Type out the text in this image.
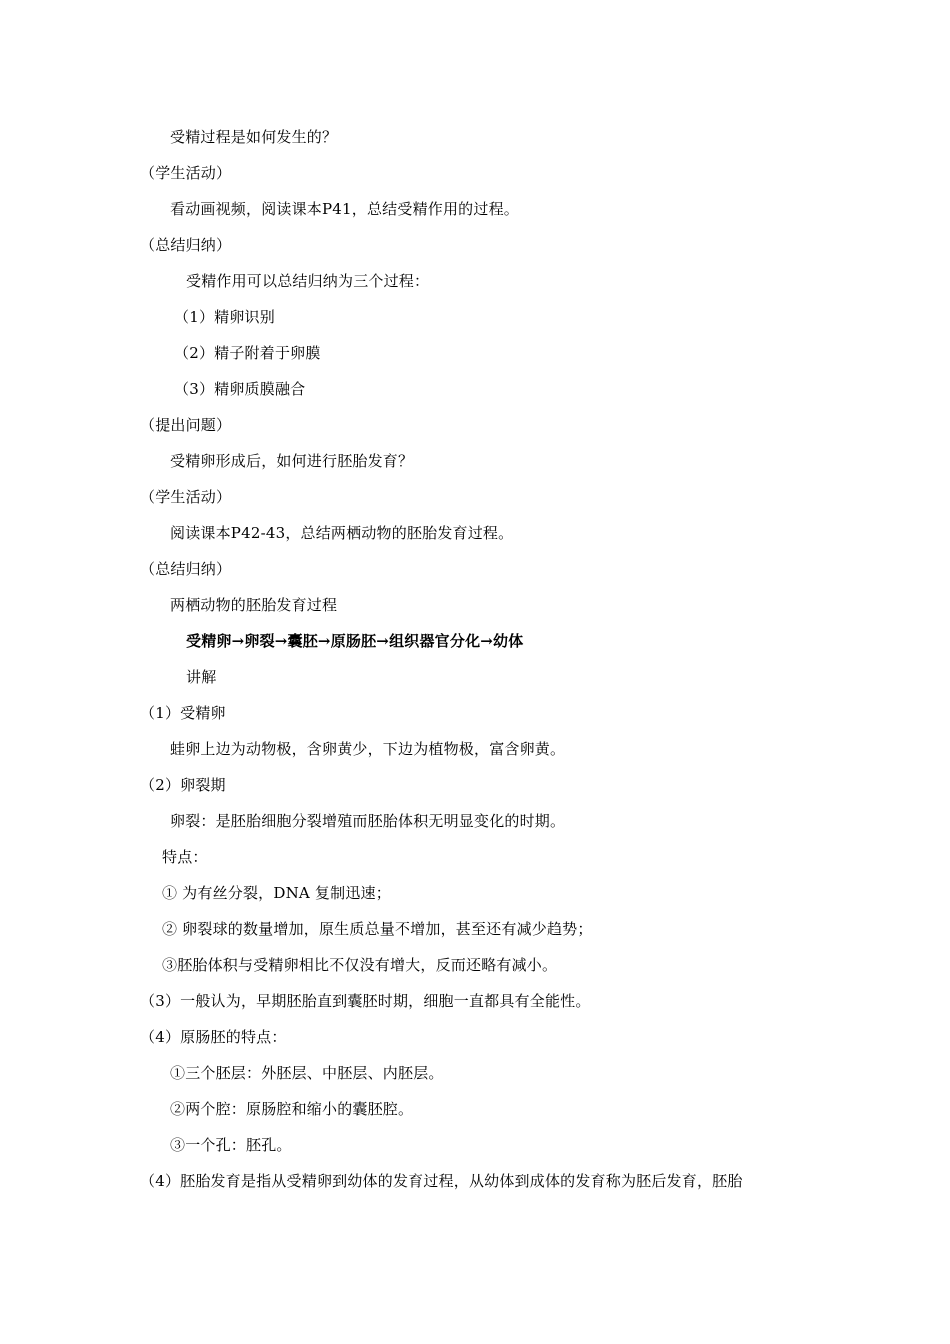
受精过程是如何发生的？
（学生活动）
看动画视频，阅读课本P41，总结受精作用的过程。
（总结归纳）
受精作用可以总结归纳为三个过程：
（1）精卵识别
（2）精子附着于卵膜
（3）精卵质膜融合
（提出问题）
受精卵形成后，如何进行胚胎发育？
（学生活动）
阅读课本P42-43，总结两栖动物的胚胎发育过程。
（总结归纳）
两栖动物的胚胎发育过程
受精卵→卵裂→囊胚→原肠胚→组织器官分化→幼体
讲解
（1）受精卵
蛙卵上边为动物极，含卵黄少，下边为植物极，富含卵黄。
（2）卵裂期
卵裂：是胚胎细胞分裂增殖而胚胎体积无明显变化的时期。
特点：
① 为有丝分裂，DNA 复制迅速；
② 卵裂球的数量增加，原生质总量不增加，甚至还有减少趋势；
③胚胎体积与受精卵相比不仅没有增大，反而还略有减小。
（3）一般认为，早期胚胎直到囊胚时期，细胞一直都具有全能性。
（4）原肠胚的特点：
①三个胚层：外胚层、中胚层、内胚层。
②两个腔：原肠腔和缩小的囊胚腔。
③一个孔：胚孔。
（4）胚胎发育是指从受精卵到幼体的发育过程，从幼体到成体的发育称为胚后发育，胚胎
